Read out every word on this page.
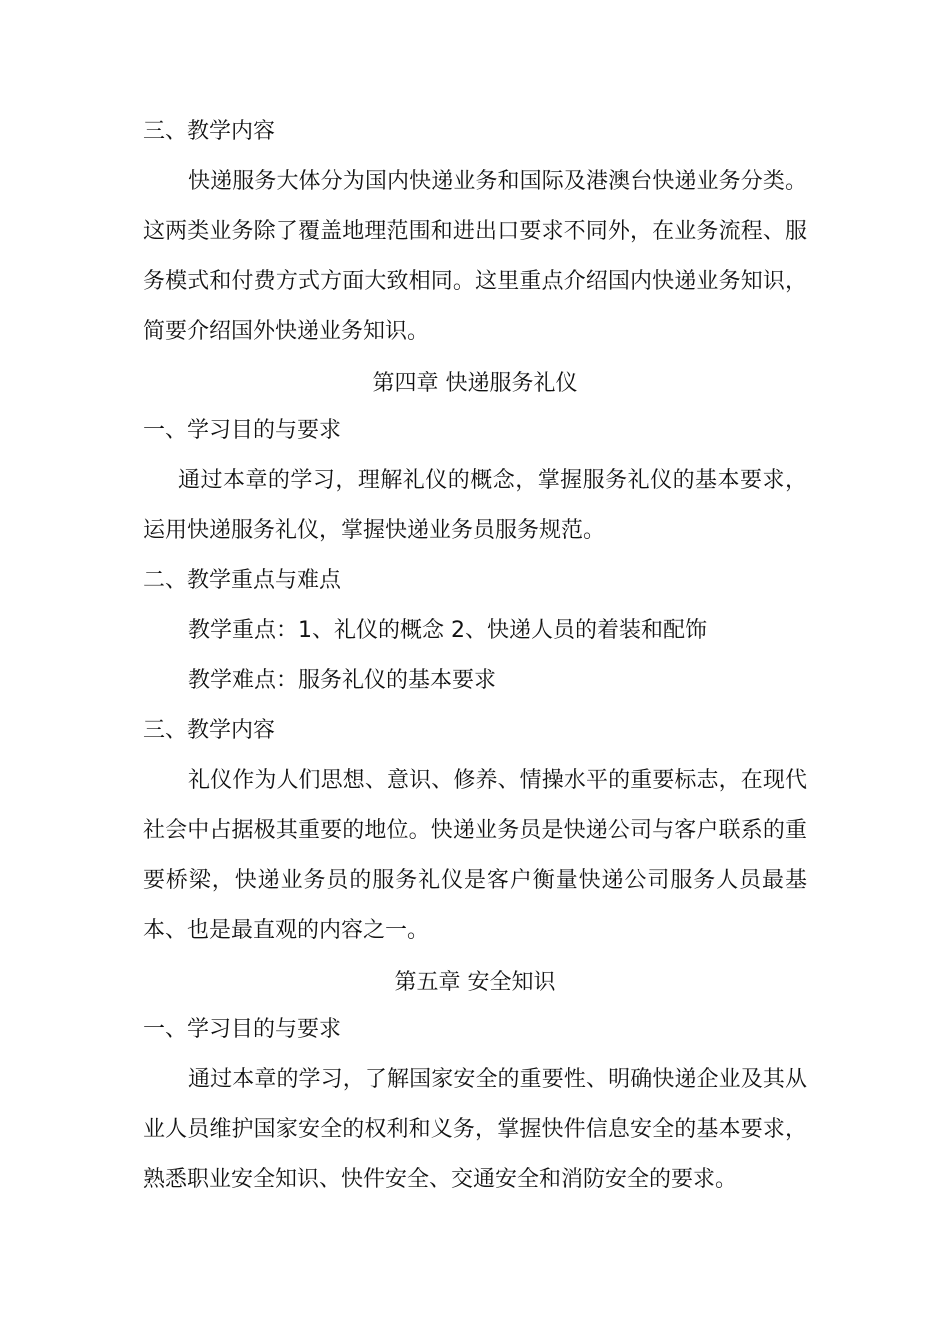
三、教学内容
快递服务大体分为国内快递业务和国际及港澳台快递业务分类。
这两类业务除了覆盖地理范围和进出口要求不同外，在业务流程、服
务模式和付费方式方面大致相同。这里重点介绍国内快递业务知识，
简要介绍国外快递业务知识。
第四章 快递服务礼仪
一、学习目的与要求
通过本章的学习，理解礼仪的概念，掌握服务礼仪的基本要求，
运用快递服务礼仪，掌握快递业务员服务规范。
二、教学重点与难点
教学重点：1、礼仪的概念 2、快递人员的着装和配饰
教学难点：服务礼仪的基本要求
三、教学内容
礼仪作为人们思想、意识、修养、情操水平的重要标志，在现代
社会中占据极其重要的地位。快递业务员是快递公司与客户联系的重
要桥梁，快递业务员的服务礼仪是客户衡量快递公司服务人员最基
本、也是最直观的内容之一。
第五章 安全知识
一、学习目的与要求
通过本章的学习，了解国家安全的重要性、明确快递企业及其从
业人员维护国家安全的权利和义务，掌握快件信息安全的基本要求，
熟悉职业安全知识、快件安全、交通安全和消防安全的要求。
